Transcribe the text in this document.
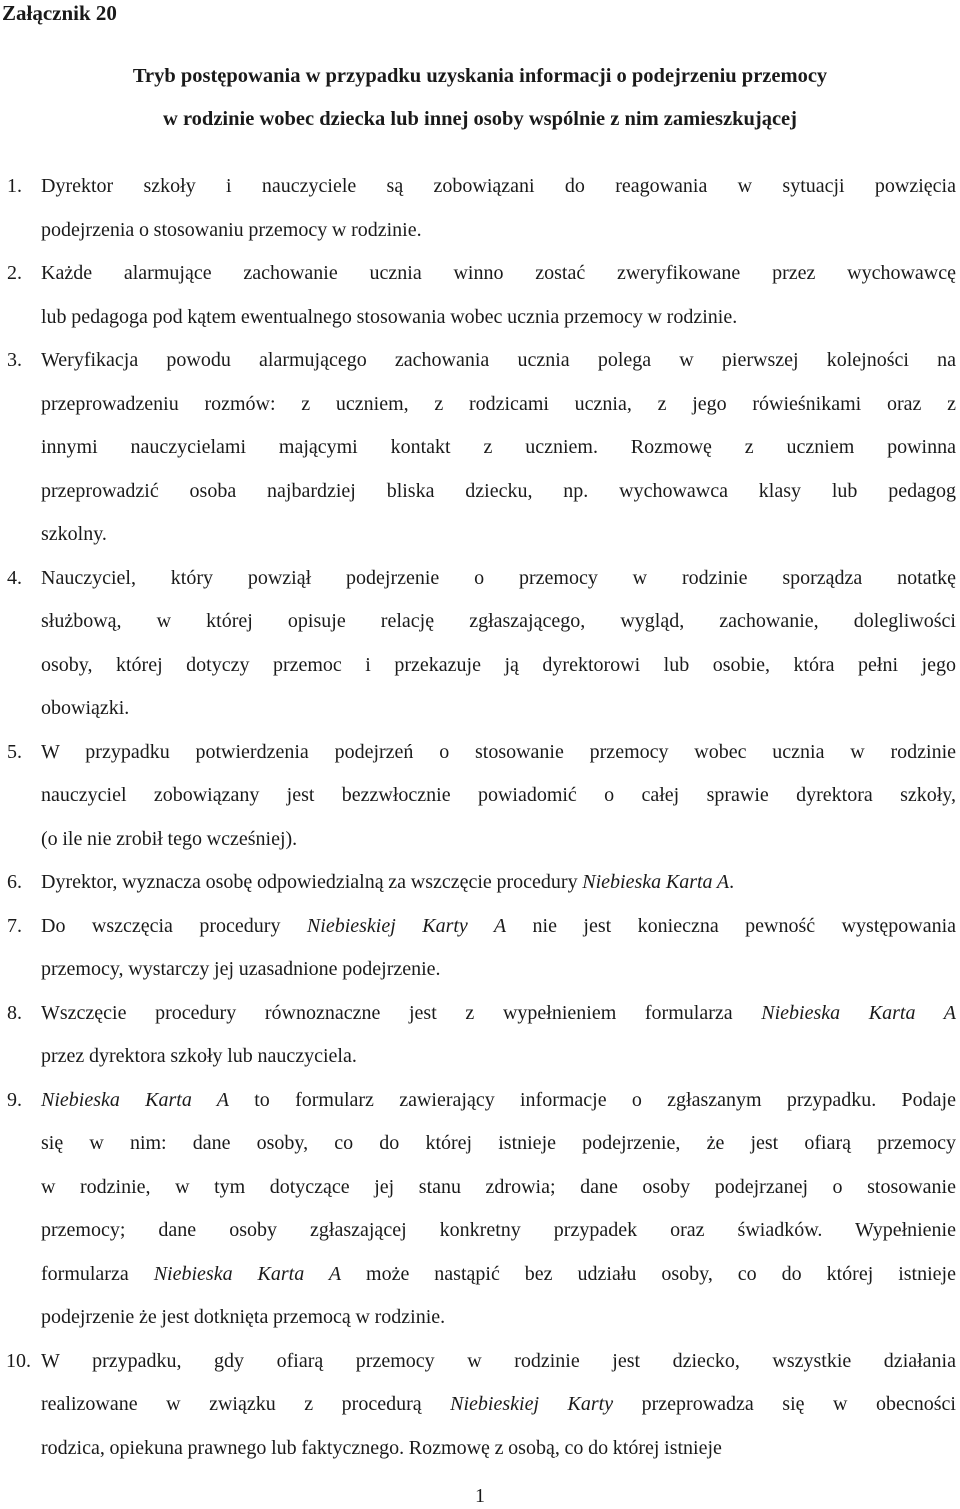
Załącznik 20
Tryb postępowania w przypadku uzyskania informacji o podejrzeniu przemocy
w rodzinie wobec dziecka lub innej osoby wspólnie z nim zamieszkującej
1. Dyrektor szkoły i nauczyciele są zobowiązani do reagowania w sytuacji powzięcia
podejrzenia o stosowaniu przemocy w rodzinie.
2. Każde alarmujące zachowanie ucznia winno zostać zweryfikowane przez wychowawcę
lub pedagoga pod kątem ewentualnego stosowania wobec ucznia przemocy w rodzinie.
3. Weryfikacja powodu alarmującego zachowania ucznia polega w pierwszej kolejności na
przeprowadzeniu rozmów: z uczniem, z rodzicami ucznia, z jego rówieśnikami oraz z
innymi nauczycielami mającymi kontakt z uczniem. Rozmowę z uczniem powinna
przeprowadzić osoba najbardziej bliska dziecku, np. wychowawca klasy lub pedagog
szkolny.
4. Nauczyciel, który powziął podejrzenie o przemocy w rodzinie sporządza notatkę
służbową, w której opisuje relację zgłaszającego, wygląd, zachowanie, dolegliwości
osoby, której dotyczy przemoc i przekazuje ją dyrektorowi lub osobie, która pełni jego
obowiązki.
5. W przypadku potwierdzenia podejrzeń o stosowanie przemocy wobec ucznia w rodzinie
nauczyciel zobowiązany jest bezzwłocznie powiadomić o całej sprawie dyrektora szkoły,
(o ile nie zrobił tego wcześniej).
6. Dyrektor, wyznacza osobę odpowiedzialną za wszczęcie procedury Niebieska Karta A.
7. Do wszczęcia procedury Niebieskiej Karty A nie jest konieczna pewność występowania
przemocy, wystarczy jej uzasadnione podejrzenie.
8. Wszczęcie procedury równoznaczne jest z wypełnieniem formularza Niebieska Karta A
przez dyrektora szkoły lub nauczyciela.
9. Niebieska Karta A to formularz zawierający informacje o zgłaszanym przypadku. Podaje
się w nim: dane osoby, co do której istnieje podejrzenie, że jest ofiarą przemocy
w rodzinie, w tym dotyczące jej stanu zdrowia; dane osoby podejrzanej o stosowanie
przemocy; dane osoby zgłaszającej konkretny przypadek oraz świadków. Wypełnienie
formularza Niebieska Karta A może nastąpić bez udziału osoby, co do której istnieje
podejrzenie że jest dotknięta przemocą w rodzinie.
10. W przypadku, gdy ofiarą przemocy w rodzinie jest dziecko, wszystkie działania
realizowane w związku z procedurą Niebieskiej Karty przeprowadza się w obecności
rodzica, opiekuna prawnego lub faktycznego. Rozmowę z osobą, co do której istnieje
1
